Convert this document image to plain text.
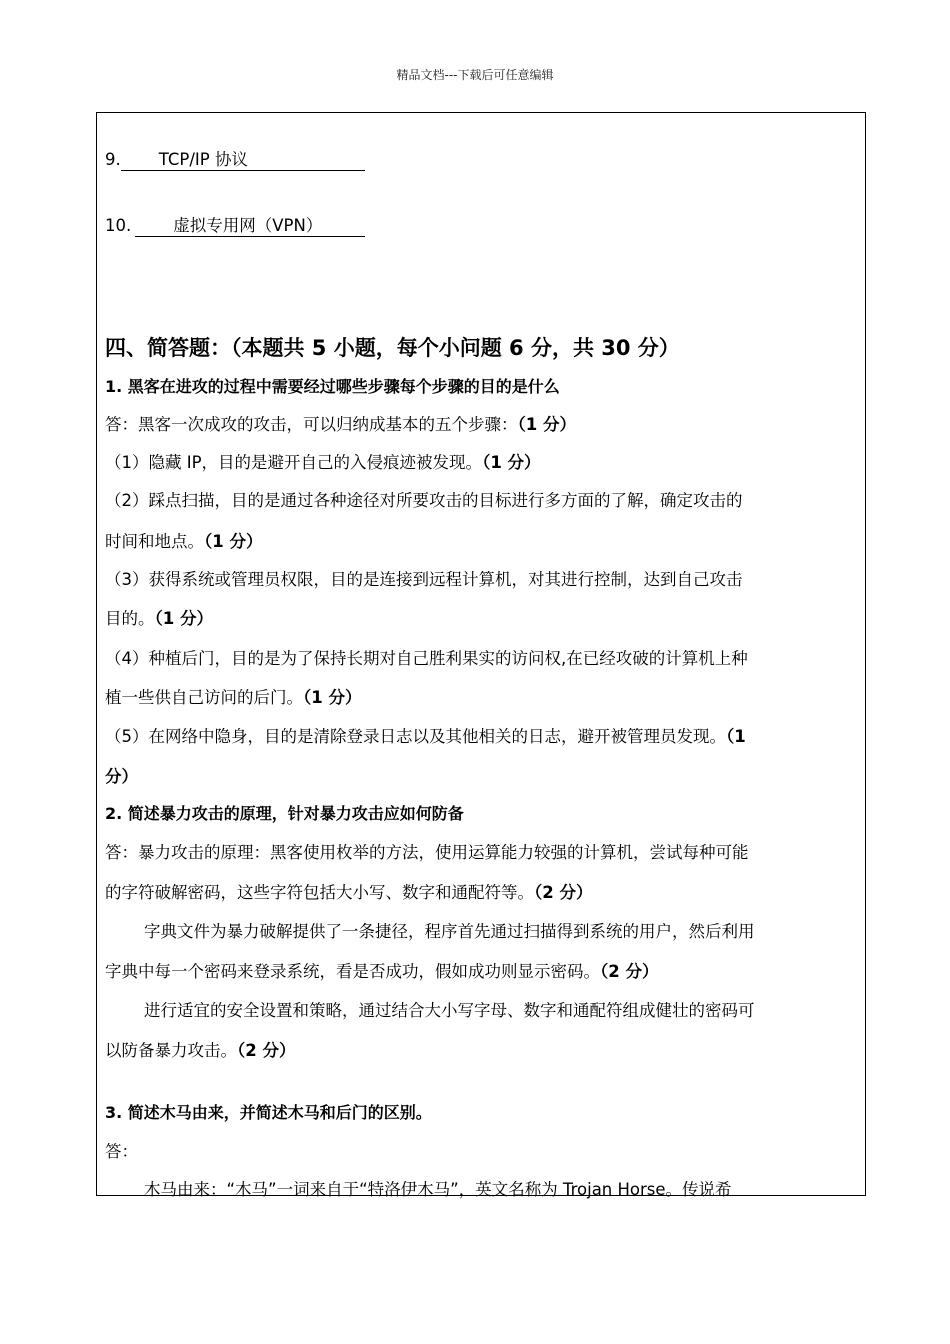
精品文档---下载后可任意编辑
9. TCP/IP 协议
10.	虚拟专用网（VPN）
四、简答题：（本题共 5 小题，每个小问题 6 分，共 30 分）
1. 黑客在进攻的过程中需要经过哪些步骤每个步骤的目的是什么
答：黑客一次成攻的攻击，可以归纳成基本的五个步骤：（1 分）
（1）隐藏 IP，目的是避开自己的入侵痕迹被发现。（1 分）
（2）踩点扫描，目的是通过各种途径对所要攻击的目标进行多方面的了解，确定攻击的
时间和地点。（1 分）
（3）获得系统或管理员权限，目的是连接到远程计算机，对其进行控制，达到自己攻击
目的。（1 分）
（4）种植后门，目的是为了保持长期对自己胜利果实的访问权,在已经攻破的计算机上种
植一些供自己访问的后门。（1 分）
（5）在网络中隐身，目的是清除登录日志以及其他相关的日志，避开被管理员发现。（1
分）
2. 简述暴力攻击的原理，针对暴力攻击应如何防备
答：暴力攻击的原理：黑客使用枚举的方法，使用运算能力较强的计算机，尝试每种可能
的字符破解密码，这些字符包括大小写、数字和通配符等。（2 分）
字典文件为暴力破解提供了一条捷径，程序首先通过扫描得到系统的用户，然后利用
字典中每一个密码来登录系统，看是否成功，假如成功则显示密码。（2 分）
进行适宜的安全设置和策略，通过结合大小写字母、数字和通配符组成健壮的密码可
以防备暴力攻击。（2 分）
3. 简述木马由来，并简述木马和后门的区别。
答：
木马由来：“木马”一词来自于“特洛伊木马”，英文名称为 Trojan Horse。传说希
